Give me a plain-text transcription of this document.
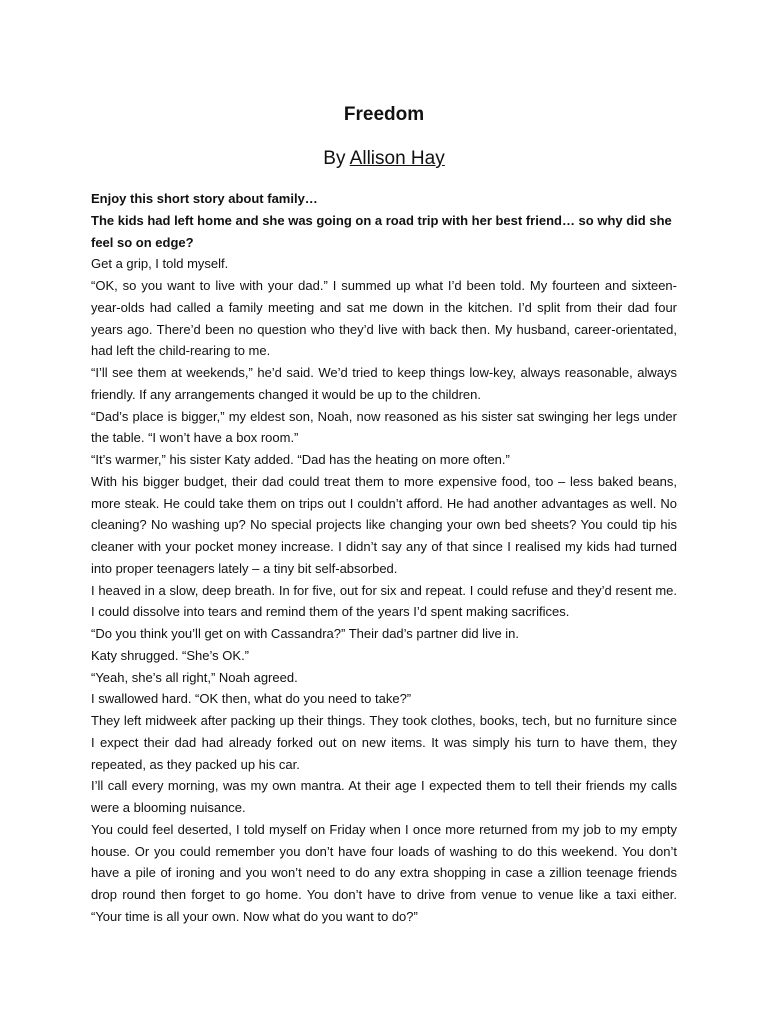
Freedom

By Allison Hay

Enjoy this short story about family…

The kids had left home and she was going on a road trip with her best friend… so why did she feel so on edge?

Get a grip, I told myself.

“OK, so you want to live with your dad.” I summed up what I’d been told. My fourteen and sixteen-year-olds had called a family meeting and sat me down in the kitchen. I’d split from their dad four years ago. There’d been no question who they’d live with back then. My husband, career-orientated, had left the child-rearing to me.

“I’ll see them at weekends,” he’d said. We’d tried to keep things low-key, always reasonable, always friendly. If any arrangements changed it would be up to the children.

“Dad’s place is bigger,” my eldest son, Noah, now reasoned as his sister sat swinging her legs under the table. “I won’t have a box room.”

“It’s warmer,” his sister Katy added. “Dad has the heating on more often.”

With his bigger budget, their dad could treat them to more expensive food, too – less baked beans, more steak. He could take them on trips out I couldn’t afford. He had another advantages as well. No cleaning? No washing up? No special projects like changing your own bed sheets? You could tip his cleaner with your pocket money increase. I didn’t say any of that since I realised my kids had turned into proper teenagers lately – a tiny bit self-absorbed.

I heaved in a slow, deep breath. In for five, out for six and repeat. I could refuse and they’d resent me. I could dissolve into tears and remind them of the years I’d spent making sacrifices.

“Do you think you’ll get on with Cassandra?” Their dad’s partner did live in.

Katy shrugged. “She’s OK.”

“Yeah, she’s all right,” Noah agreed.

I swallowed hard. “OK then, what do you need to take?”

They left midweek after packing up their things. They took clothes, books, tech, but no furniture since I expect their dad had already forked out on new items. It was simply his turn to have them, they repeated, as they packed up his car.

I’ll call every morning, was my own mantra. At their age I expected them to tell their friends my calls were a blooming nuisance.

You could feel deserted, I told myself on Friday when I once more returned from my job to my empty house. Or you could remember you don’t have four loads of washing to do this weekend. You don’t have a pile of ironing and you won’t need to do any extra shopping in case a zillion teenage friends drop round then forget to go home. You don’t have to drive from venue to venue like a taxi either. “Your time is all your own. Now what do you want to do?”
